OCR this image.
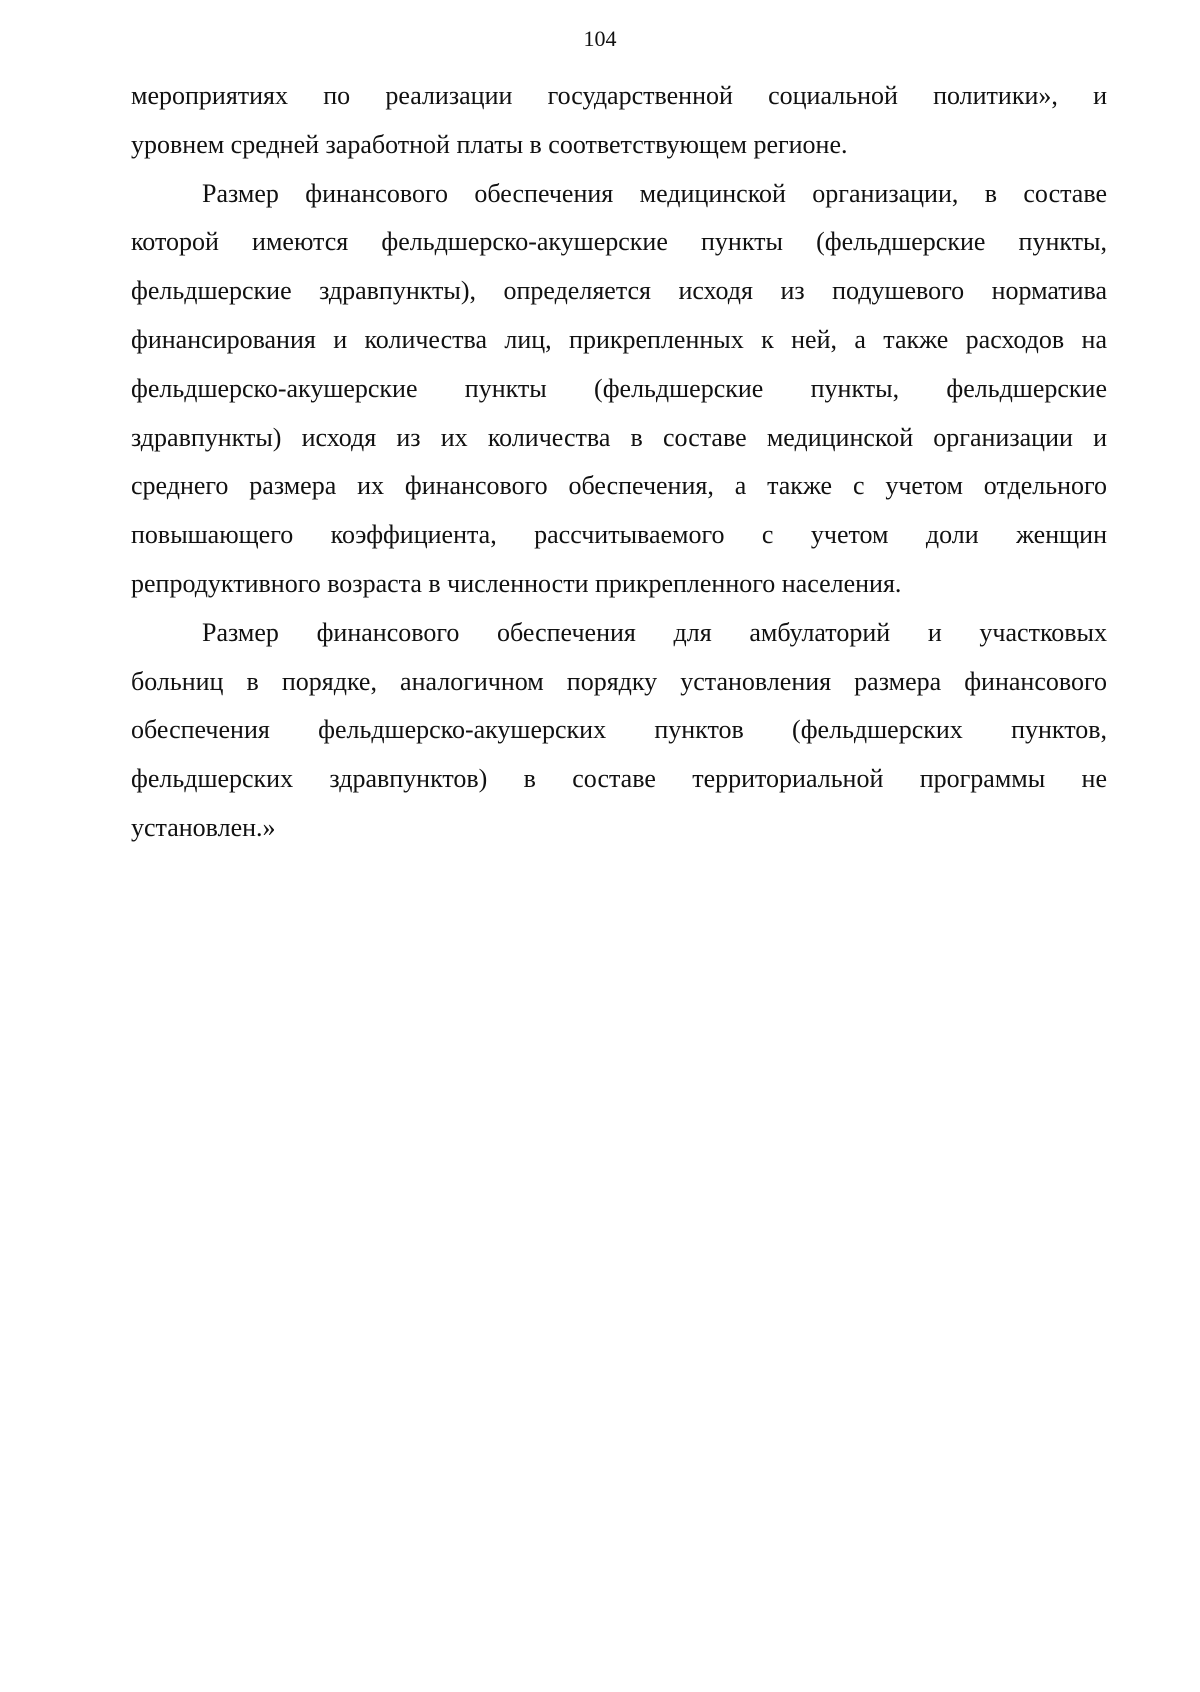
104

мероприятиях по реализации государственной социальной политики», и
уровнем средней заработной платы в соответствующем регионе.

Размер финансового обеспечения медицинской организации, в составе
которой имеются фельдшерско-акушерские пункты (фельдшерские пункты,
фельдшерские здравпункты), определяется исходя из подушевого норматива
финансирования и количества лиц, прикрепленных к ней, а также расходов на
фельдшерско-акушерские пункты (фельдшерские пункты, фельдшерские
здравпункты) исходя из их количества в составе медицинской организации и
среднего размера их финансового обеспечения, а также с учетом отдельного
повышающего коэффициента, рассчитываемого с учетом доли женщин
репродуктивного возраста в численности прикрепленного населения.

Размер финансового обеспечения для амбулаторий и участковых
больниц в порядке, аналогичном порядку установления размера финансового
обеспечения фельдшерско-акушерских пунктов (фельдшерских пунктов,
фельдшерских здравпунктов) в составе территориальной программы не
установлен.»
